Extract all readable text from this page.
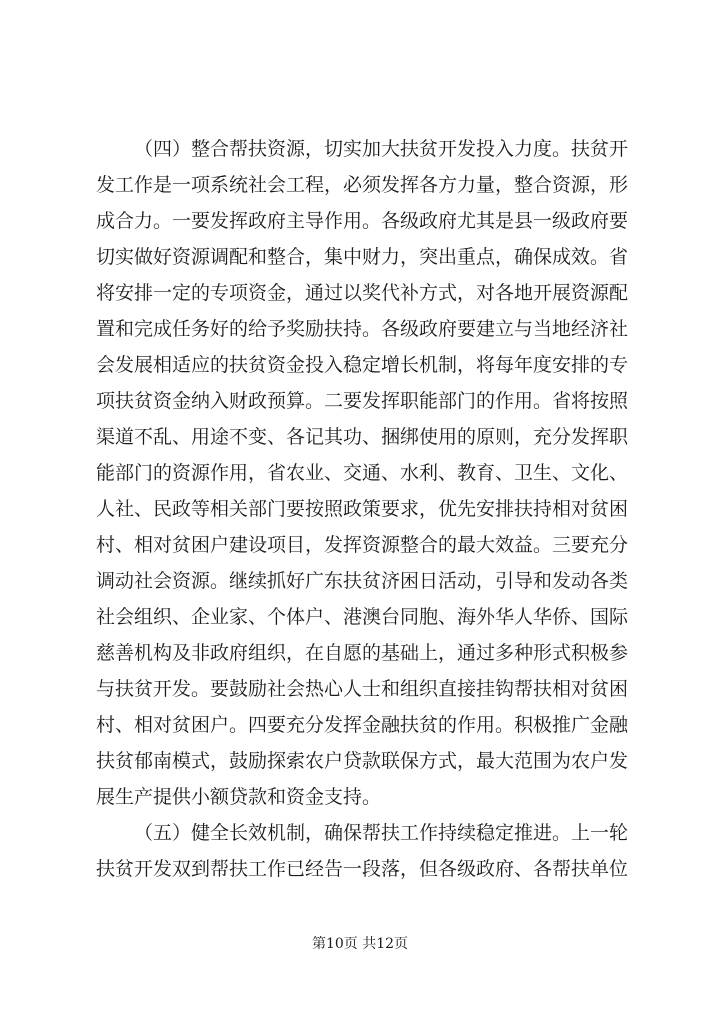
（四）整合帮扶资源，切实加大扶贫开发投入力度。扶贫开
发工作是一项系统社会工程，必须发挥各方力量，整合资源，形
成合力。一要发挥政府主导作用。各级政府尤其是县一级政府要
切实做好资源调配和整合，集中财力，突出重点，确保成效。省
将安排一定的专项资金，通过以奖代补方式，对各地开展资源配
置和完成任务好的给予奖励扶持。各级政府要建立与当地经济社
会发展相适应的扶贫资金投入稳定增长机制，将每年度安排的专
项扶贫资金纳入财政预算。二要发挥职能部门的作用。省将按照
渠道不乱、用途不变、各记其功、捆绑使用的原则，充分发挥职
能部门的资源作用，省农业、交通、水利、教育、卫生、文化、
人社、民政等相关部门要按照政策要求，优先安排扶持相对贫困
村、相对贫困户建设项目，发挥资源整合的最大效益。三要充分
调动社会资源。继续抓好广东扶贫济困日活动，引导和发动各类
社会组织、企业家、个体户、港澳台同胞、海外华人华侨、国际
慈善机构及非政府组织，在自愿的基础上，通过多种形式积极参
与扶贫开发。要鼓励社会热心人士和组织直接挂钩帮扶相对贫困
村、相对贫困户。四要充分发挥金融扶贫的作用。积极推广金融
扶贫郁南模式，鼓励探索农户贷款联保方式，最大范围为农户发
展生产提供小额贷款和资金支持。
（五）健全长效机制，确保帮扶工作持续稳定推进。上一轮
扶贫开发双到帮扶工作已经告一段落，但各级政府、各帮扶单位
第10页 共12页
